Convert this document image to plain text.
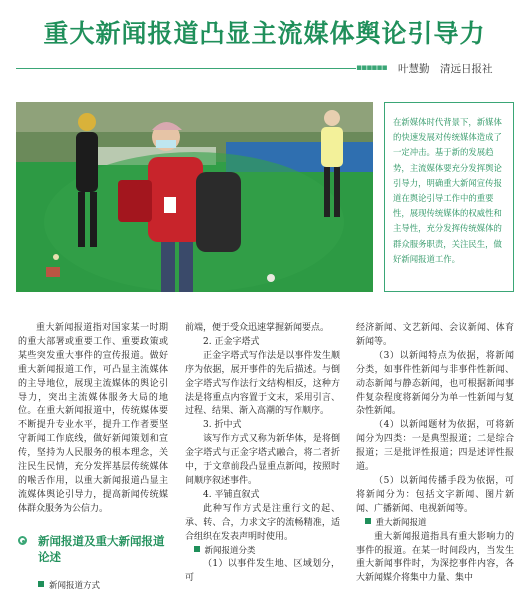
重大新闻报道凸显主流媒体舆论引导力
▪▪▪▪▪▪ 叶慧勤　清远日报社
在新媒体时代背景下，新媒体的快速发展对传统媒体造成了一定冲击。基于新的发展趋势，主流媒体要充分发挥舆论引导力，明确重大新闻宣传报道在舆论引导工作中的重要性，展现传统媒体的权威性和主导性，充分发挥传统媒体的群众服务职责，关注民生，做好新闻报道工作。

重大新闻报道指对国家某一时期的重大部署或重要工作、重要政策或某些突发重大事件的宣传报道。做好重大新闻报道工作，可凸显主流媒体的主导地位，展现主流媒体的舆论引导力，突出主流媒体服务大局的地位。在重大新闻报道中，传统媒体要不断提升专业水平，提升工作者要坚守新闻工作底线，做好新闻策划和宣传，坚持为人民服务的根本理念，关注民生民情，充分发挥基层传统媒体的喉舌作用，以重大新闻报道凸显主流媒体舆论引导力，提高新闻传统媒体群众服务为公信力。

新闻报道及重大新闻报道论述
新闻报道方式

前端，便于受众迅速掌握新闻要点。

2. 正金字塔式

正金字塔式写作法是以事件发生顺序为依据，展开事件的先后描述。与倒金字塔式写作法行文结构相反，这种方法是将重点内容置于文末，采用引言、过程、结果、渐入高潮的写作顺序。

3. 折中式

该写作方式又称为新华体，是将倒金字塔式与正金字塔式融合，将二者折中，于文章前段凸显重点新闻，按照时间顺序叙述事件。

4. 平铺直叙式

此种写作方式是注重行文的起、承、转、合，力求文字的流畅精准，适合组织在发表声明时使用。

新闻报道分类

（1）以事件发生地、区域划分，可

经济新闻、文艺新闻、会议新闻、体育新闻等。

（3）以新闻特点为依据，将新闻分类，如事件性新闻与非事件性新闻、动态新闻与静态新闻，也可根据新闻事件复杂程度将新闻分为单一性新闻与复杂性新闻。

（4）以新闻题材为依据，可将新闻分为四类：一是典型报道；二是综合报道；三是批评性报道；四是述评性报道。

（5）以新闻传播手段为依据，可将新闻分为：包括文字新闻、图片新闻、广播新闻、电视新闻等。

重大新闻报道

重大新闻报道指具有重大影响力的事件的报道。在某一时间段内，当发生重大新闻事件时，为深挖事件内容，各大新闻媒介将集中力量、集中
